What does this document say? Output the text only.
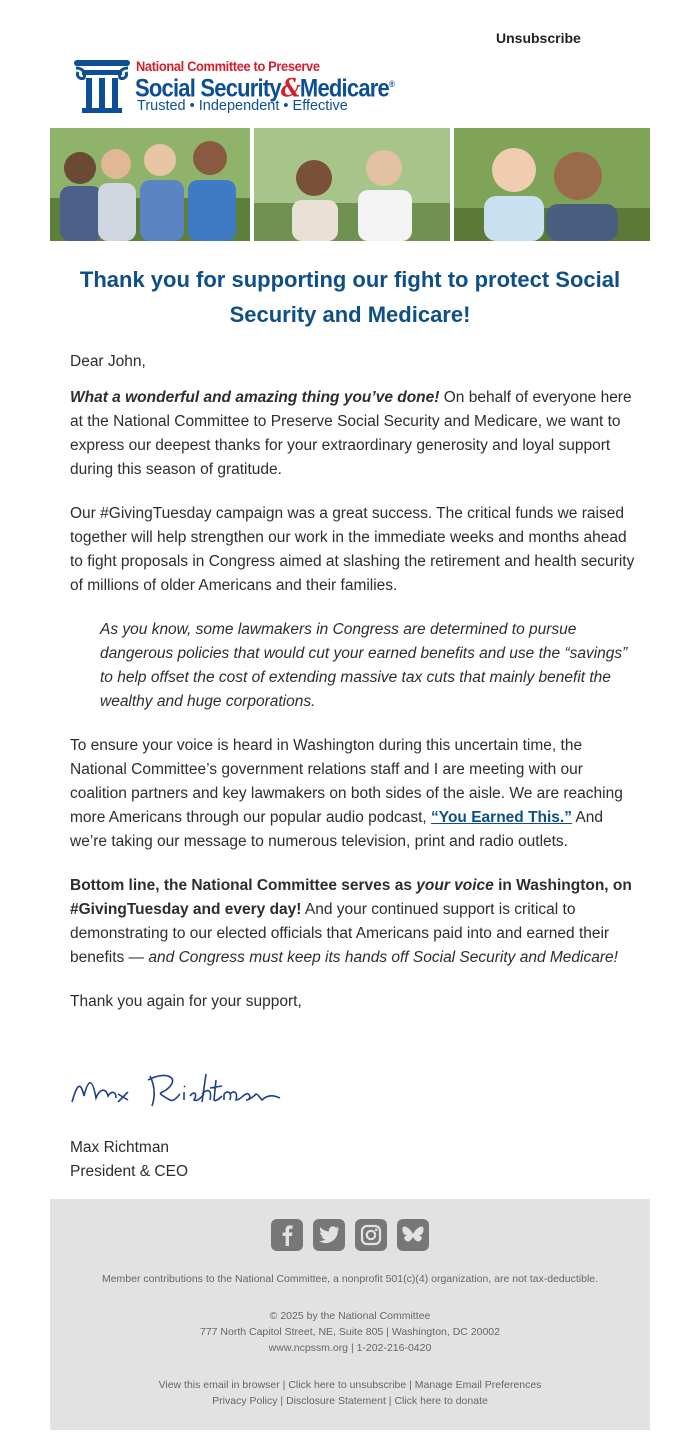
Unsubscribe
National Committee to Preserve
Social Security&Medicare®
Trusted • Independent • Effective
Thank you for supporting our fight to protect Social Security and Medicare!

Dear John,

What a wonderful and amazing thing you’ve done! On behalf of everyone here at the National Committee to Preserve Social Security and Medicare, we want to express our deepest thanks for your extraordinary generosity and loyal support during this season of gratitude.

Our #GivingTuesday campaign was a great success. The critical funds we raised together will help strengthen our work in the immediate weeks and months ahead to fight proposals in Congress aimed at slashing the retirement and health security of millions of older Americans and their families.

As you know, some lawmakers in Congress are determined to pursue dangerous policies that would cut your earned benefits and use the “savings” to help offset the cost of extending massive tax cuts that mainly benefit the wealthy and huge corporations.

To ensure your voice is heard in Washington during this uncertain time, the National Committee’s government relations staff and I are meeting with our coalition partners and key lawmakers on both sides of the aisle. We are reaching more Americans through our popular audio podcast, “You Earned This.” And we’re taking our message to numerous television, print and radio outlets.

Bottom line, the National Committee serves as your voice in Washington, on #GivingTuesday and every day! And your continued support is critical to demonstrating to our elected officials that Americans paid into and earned their benefits — and Congress must keep its hands off Social Security and Medicare!

Thank you again for your support,

Max Richtman
President & CEO
Member contributions to the National Committee, a nonprofit 501(c)(4) organization, are not tax-deductible.
© 2025 by the National Committee
777 North Capitol Street, NE, Suite 805 | Washington, DC 20002
www.ncpssm.org | 1-202-216-0420
View this email in browser | Click here to unsubscribe | Manage Email Preferences
Privacy Policy | Disclosure Statement | Click here to donate
